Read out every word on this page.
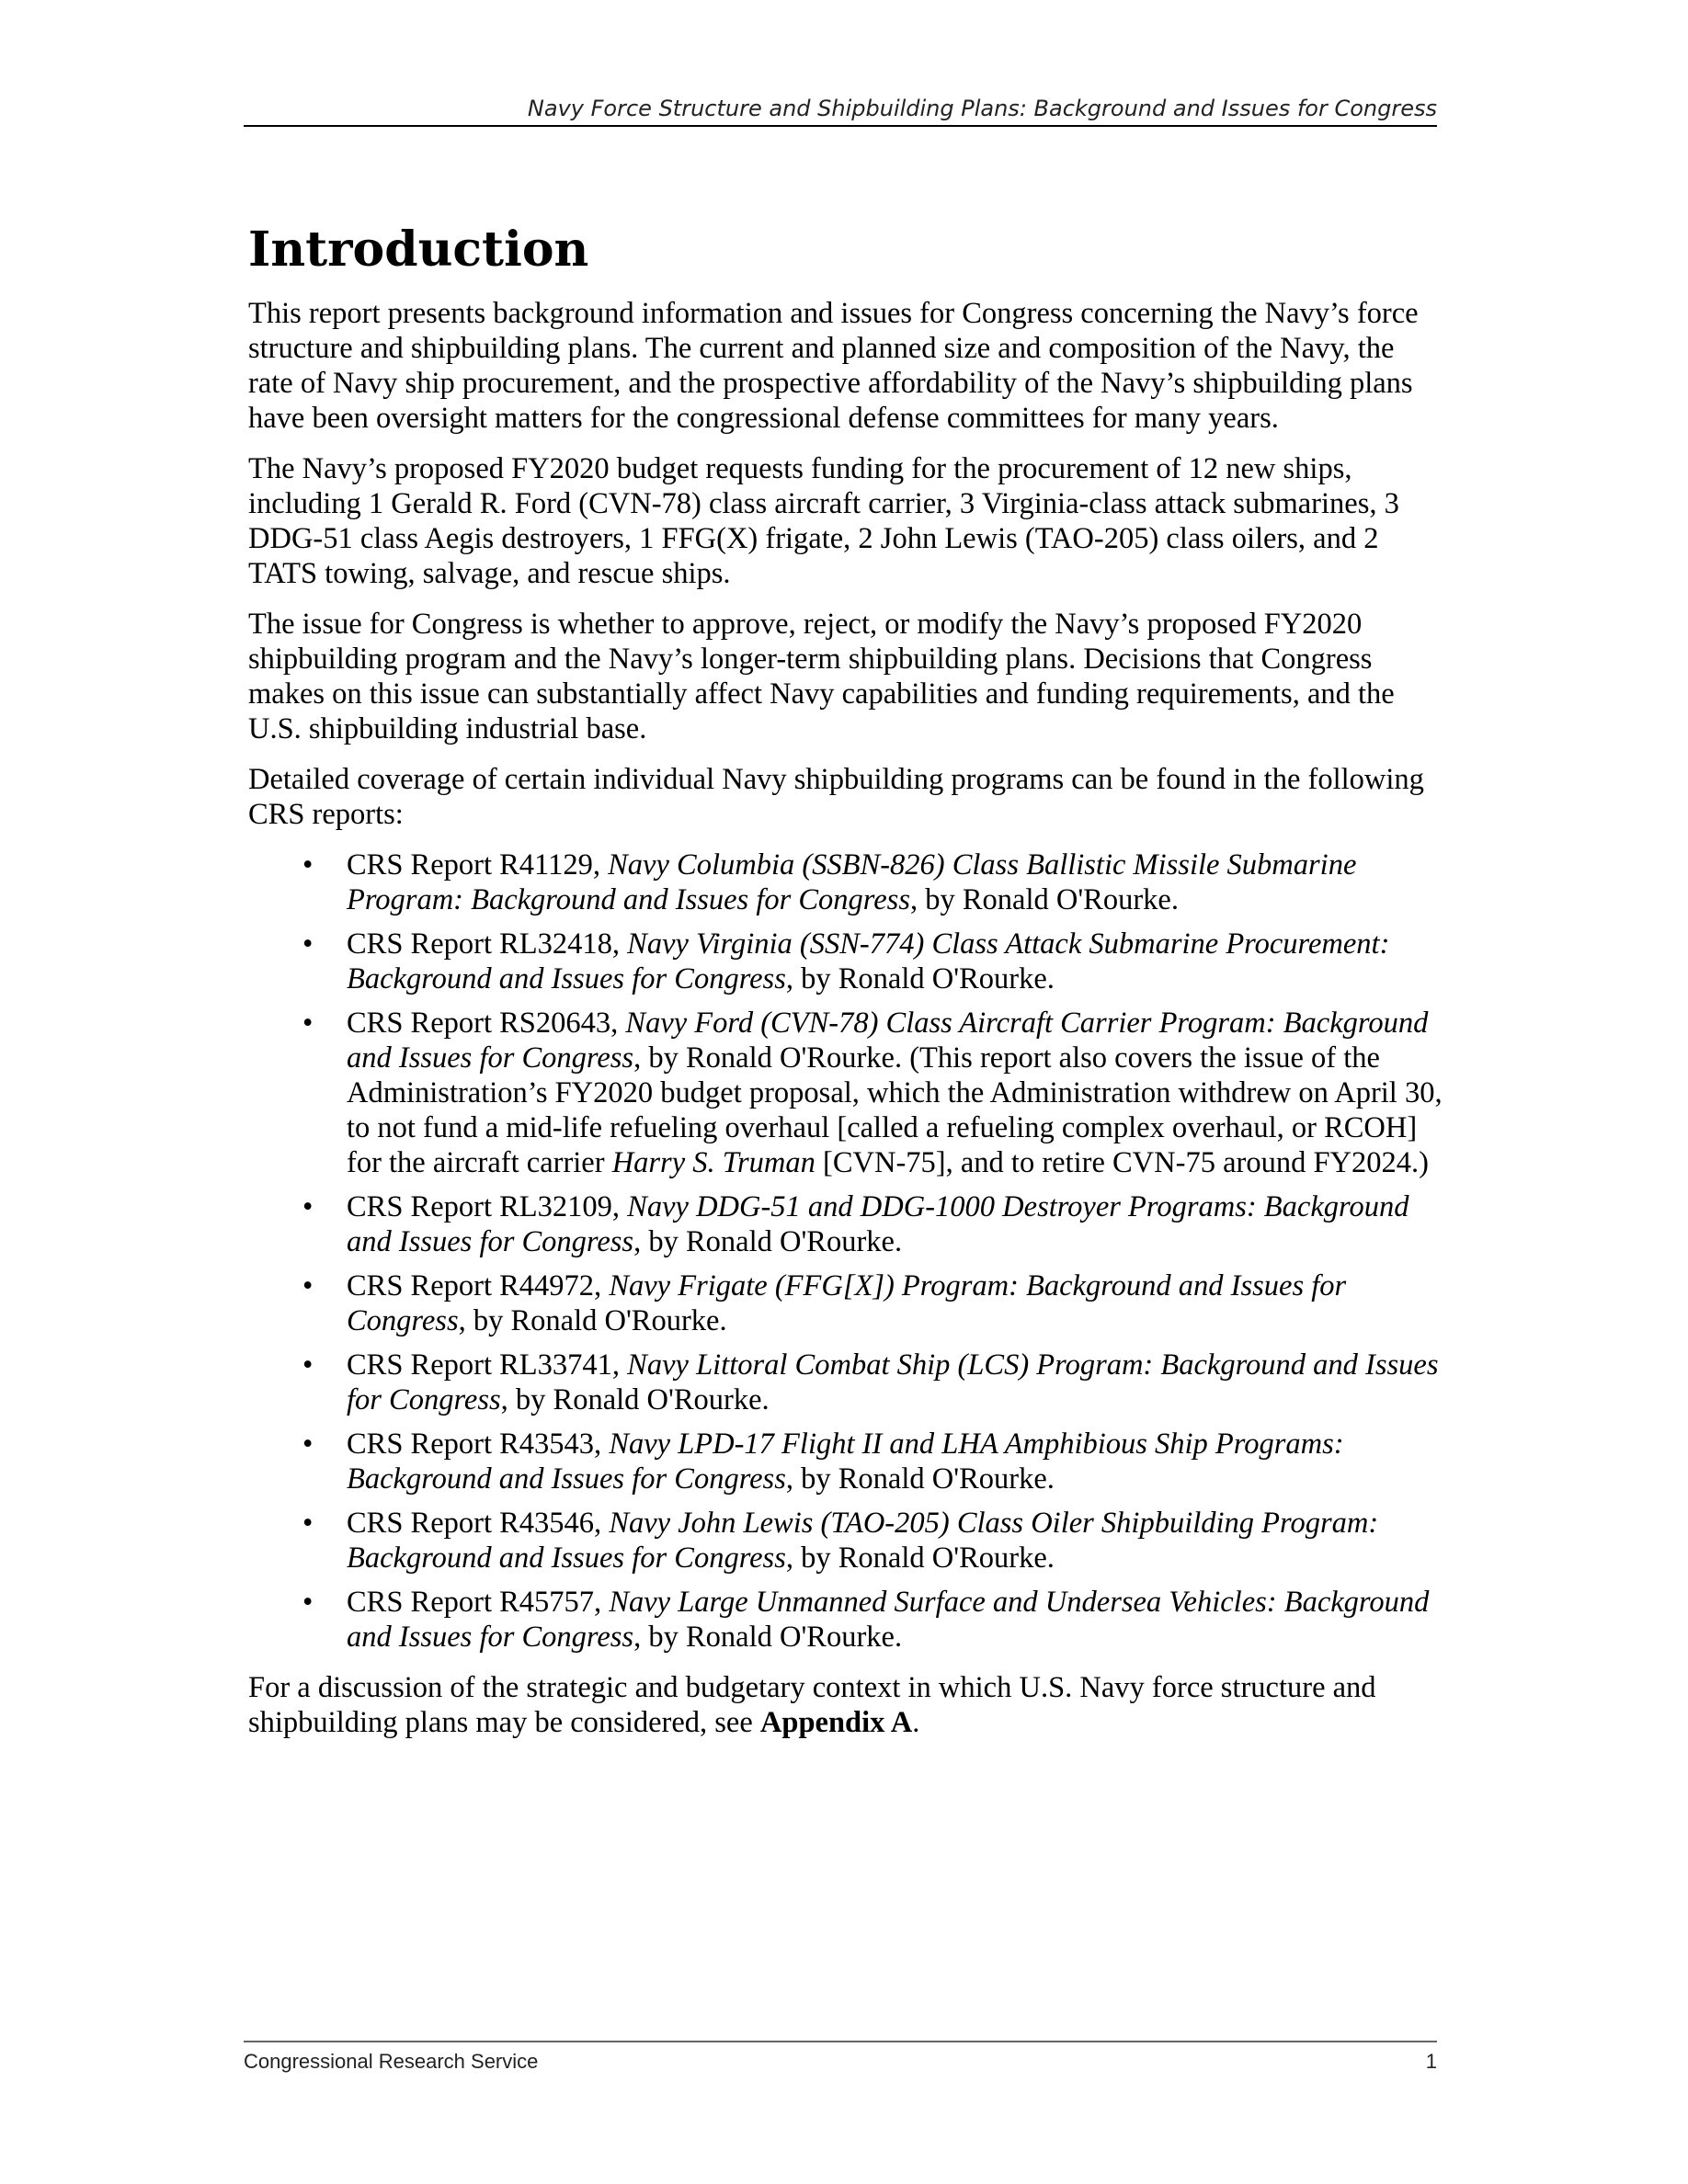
Navy Force Structure and Shipbuilding Plans: Background and Issues for Congress
Introduction

This report presents background information and issues for Congress concerning the Navy’s force structure and shipbuilding plans. The current and planned size and composition of the Navy, the rate of Navy ship procurement, and the prospective affordability of the Navy’s shipbuilding plans have been oversight matters for the congressional defense committees for many years.

The Navy’s proposed FY2020 budget requests funding for the procurement of 12 new ships, including 1 Gerald R. Ford (CVN-78) class aircraft carrier, 3 Virginia-class attack submarines, 3 DDG-51 class Aegis destroyers, 1 FFG(X) frigate, 2 John Lewis (TAO-205) class oilers, and 2 TATS towing, salvage, and rescue ships.

The issue for Congress is whether to approve, reject, or modify the Navy’s proposed FY2020 shipbuilding program and the Navy’s longer-term shipbuilding plans. Decisions that Congress makes on this issue can substantially affect Navy capabilities and funding requirements, and the U.S. shipbuilding industrial base.

Detailed coverage of certain individual Navy shipbuilding programs can be found in the following CRS reports:

• CRS Report R41129, Navy Columbia (SSBN-826) Class Ballistic Missile Submarine Program: Background and Issues for Congress, by Ronald O'Rourke.
• CRS Report RL32418, Navy Virginia (SSN-774) Class Attack Submarine Procurement: Background and Issues for Congress, by Ronald O'Rourke.
• CRS Report RS20643, Navy Ford (CVN-78) Class Aircraft Carrier Program: Background and Issues for Congress, by Ronald O'Rourke. (This report also covers the issue of the Administration’s FY2020 budget proposal, which the Administration withdrew on April 30, to not fund a mid-life refueling overhaul [called a refueling complex overhaul, or RCOH] for the aircraft carrier Harry S. Truman [CVN-75], and to retire CVN-75 around FY2024.)
• CRS Report RL32109, Navy DDG-51 and DDG-1000 Destroyer Programs: Background and Issues for Congress, by Ronald O'Rourke.
• CRS Report R44972, Navy Frigate (FFG[X]) Program: Background and Issues for Congress, by Ronald O'Rourke.
• CRS Report RL33741, Navy Littoral Combat Ship (LCS) Program: Background and Issues for Congress, by Ronald O'Rourke.
• CRS Report R43543, Navy LPD-17 Flight II and LHA Amphibious Ship Programs: Background and Issues for Congress, by Ronald O'Rourke.
• CRS Report R43546, Navy John Lewis (TAO-205) Class Oiler Shipbuilding Program: Background and Issues for Congress, by Ronald O'Rourke.
• CRS Report R45757, Navy Large Unmanned Surface and Undersea Vehicles: Background and Issues for Congress, by Ronald O'Rourke.

For a discussion of the strategic and budgetary context in which U.S. Navy force structure and shipbuilding plans may be considered, see Appendix A.

Congressional Research Service	1
